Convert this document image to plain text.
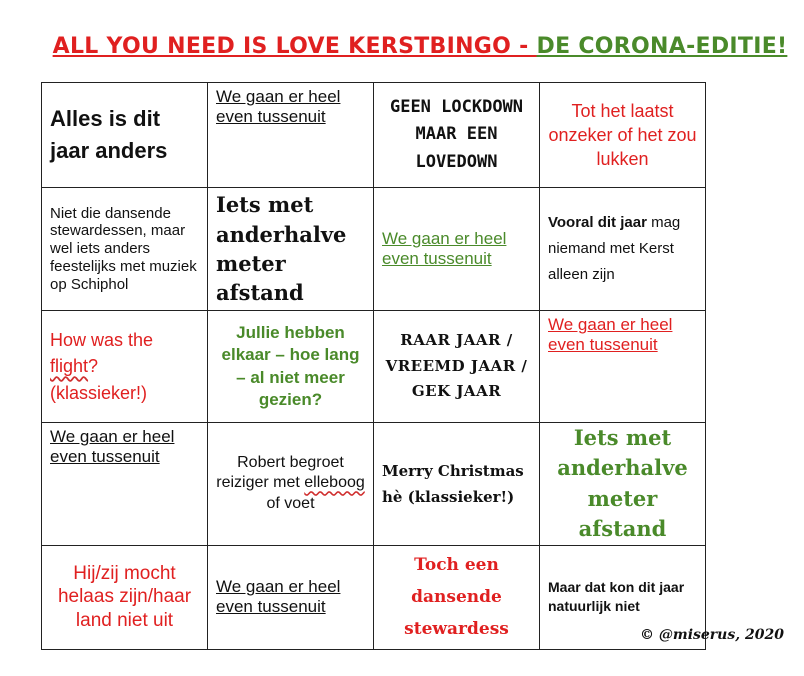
ALL YOU NEED IS LOVE KERSTBINGO - DE CORONA-EDITIE!
Alles is dit jaar anders	We gaan er heel even tussenuit	GEEN LOCKDOWN MAAR EEN LOVEDOWN	Tot het laatst onzeker of het zou lukken
Niet die dansende stewardessen, maar wel iets anders feestelijks met muziek op Schiphol	Iets met anderhalve meter afstand	We gaan er heel even tussenuit	Vooral dit jaar mag niemand met Kerst alleen zijn
How was the flight? (klassieker!)	Jullie hebben elkaar – hoe lang – al niet meer gezien?	RAAR JAAR / VREEMD JAAR / GEK JAAR	We gaan er heel even tussenuit
We gaan er heel even tussenuit	Robert begroet reiziger met elleboog of voet	Merry Christmas hè (klassieker!)	Iets met anderhalve meter afstand
Hij/zij mocht helaas zijn/haar land niet uit	We gaan er heel even tussenuit	Toch een dansende stewardess	Maar dat kon dit jaar natuurlijk niet
© @miserus, 2020
